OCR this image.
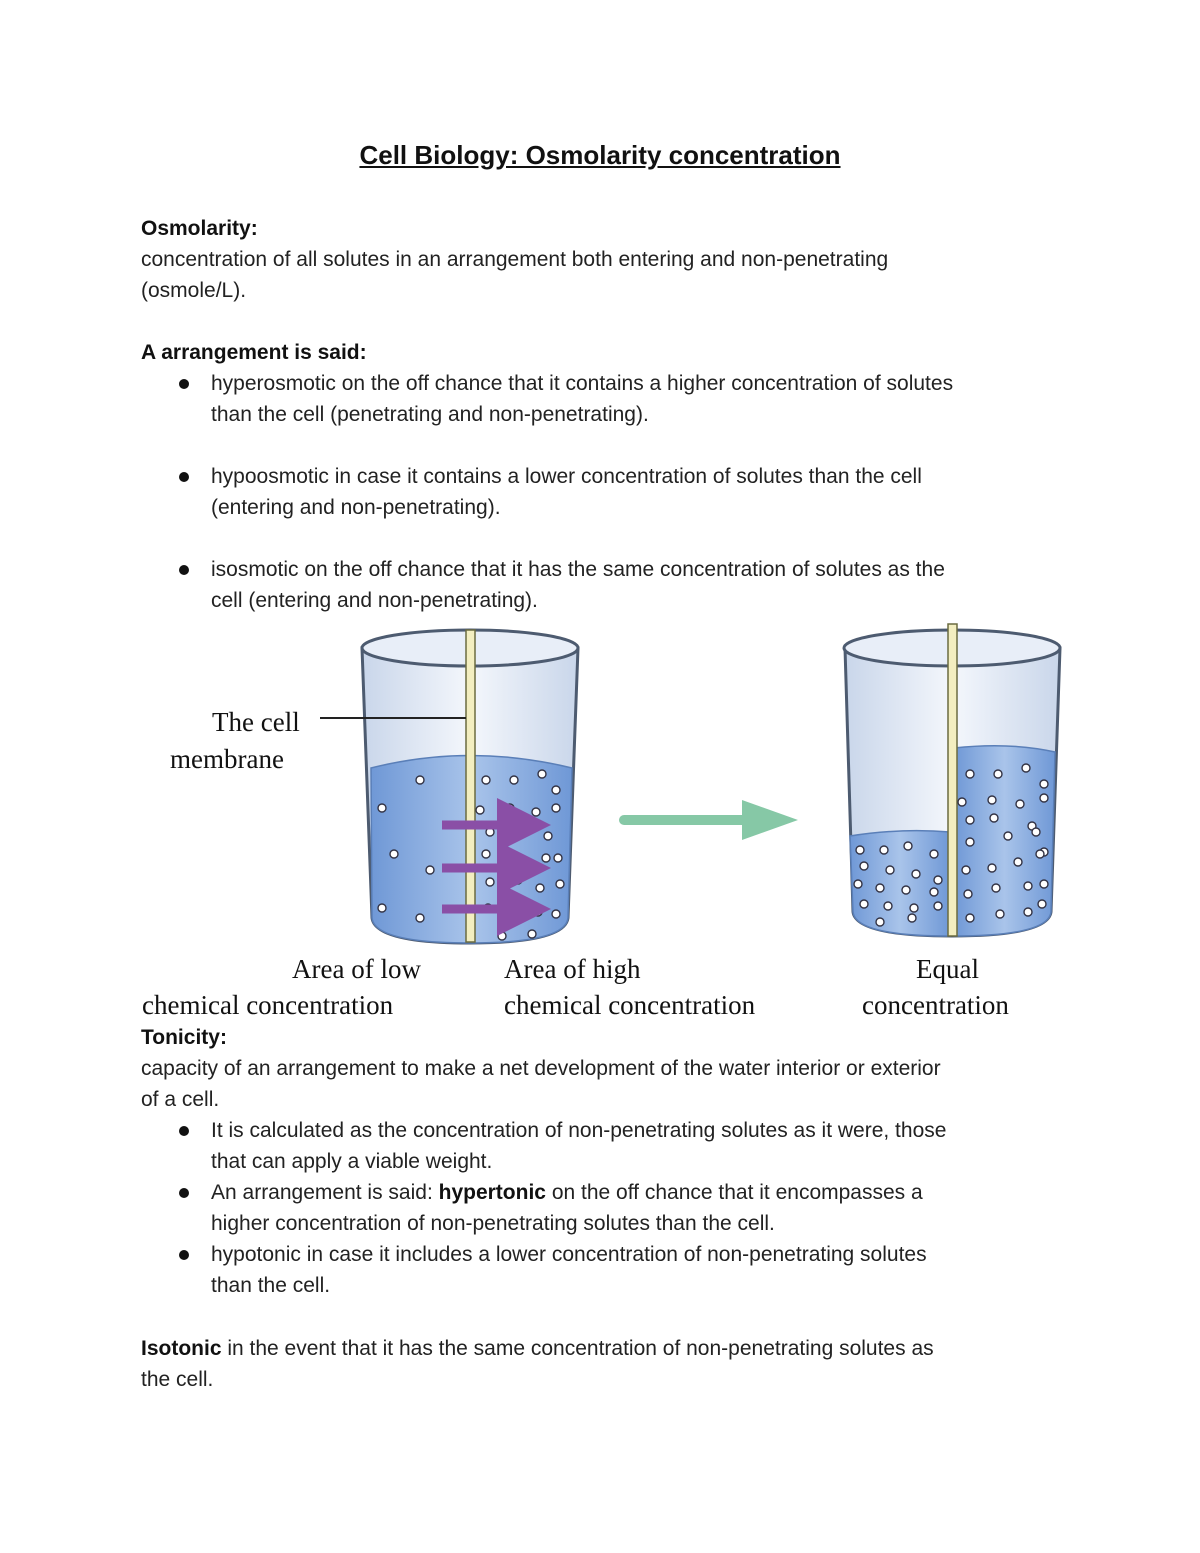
Cell Biology: Osmolarity concentration
Osmolarity:
concentration of all solutes in an arrangement both entering and non-penetrating
(osmole/L).
A arrangement is said:
hyperosmotic on the off chance that it contains a higher concentration of solutes
than the cell (penetrating and non-penetrating).
hypoosmotic in case it contains a lower concentration of solutes than the cell
(entering and non-penetrating).
isosmotic on the off chance that it has the same concentration of solutes as the
cell (entering and non-penetrating).
The cell
membrane
Area of low
chemical concentration
Area of high
chemical concentration
Equal
concentration
Tonicity:
capacity of an arrangement to make a net development of the water interior or exterior
of a cell.
It is calculated as the concentration of non-penetrating solutes as it were, those
that can apply a viable weight.
An arrangement is said: hypertonic on the off chance that it encompasses a
higher concentration of non-penetrating solutes than the cell.
hypotonic in case it includes a lower concentration of non-penetrating solutes
than the cell.
Isotonic in the event that it has the same concentration of non-penetrating solutes as
the cell.
